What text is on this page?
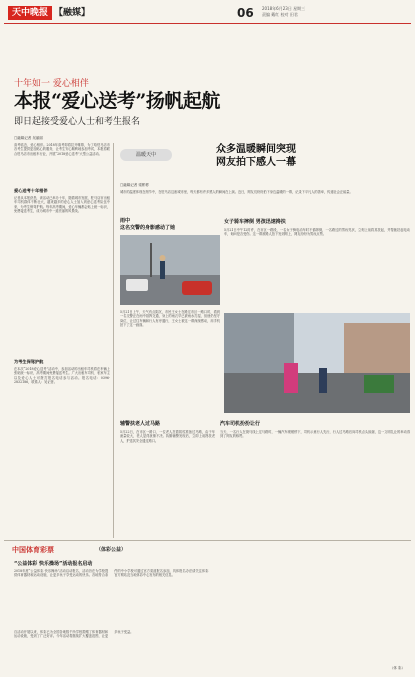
天中晚报 【融媒】	06 2018年6月23日 星期三
责编 戴红 校对 田君
十年如一 爱心相伴
本报“爱心送考”扬帆起航
即日起接受爱心人士和考生报名
□融媒记者 吴丽丽
高考临近，爱心相伴。2018年高考即将拉开帷幕，为了给驻马店市各考生提供更加贴心的服务，让考生安心顺利地参加考试，本报将联合驻马店市出租车行业，开展“2018爱心送考”大型公益活动。
爱心送考十年相伴
记者从本报获悉，该活动已举办十年，随着城市发展，驻马店市出租车司机群体不断壮大，越来越多的爱心人士加入到爱心送考队伍中来，为考生保驾护航。每年高考期间，爱心车辆都会贴上统一标识，免费接送考生，成为城市中一道亮丽的风景线。
为考生保驾护航
在本次“2018爱心送考”活动中，参加活动的出租车司机将在车辆上张贴统一标识，高考期间免费接送考生。广大出租车司机、私家车主以及爱心人士可拨打报名电话参与活动。报名电话：0396-2832186，联系人：吴记者。
温暖天中	众多温暖瞬间突现
网友拍下感人一幕
□融媒记者 梁彬彬
城市的温度体现在细节中，在驻马店这座城市里，每天都有许多感人的瞬间在上演。近日，网友们纷纷拍下身边温暖的一幕，记录下平凡人的善举，传递社会正能量。
雨中
这名交警的身影感动了她
5月21日上午，天气有点阴沉，市民王女士在路过市区一路口时，看到一名交警正在雨中指挥交通，身上的雨衣早已被雨水打湿，但他仍坚守岗位，让过往车辆和行人有序通行，王女士被这一幕深深感动，用手机拍下了这一画面。
女子骑车摔倒 男孩迅速搀扶
5月21日中午12时许，在市区一路段，一名女子骑电动车时不慎摔倒，一名路过的男孩见状，立刻上前将其扶起，并帮她扶起电动车，询问是否受伤。这一幕被路人拍下发到网上，网友纷纷为男孩点赞。
辅警扶老人过马路
5月22日，在市区一路口，一位老人拄着拐杖准备过马路，由于车流量较大，老人显得犹豫不决。执勤辅警发现后，立即上前搀扶老人，护送其安全通过路口。
汽车司机扮扮让行
当天，一名行人在斑马线上过马路时，一辆汽车缓缓停下，司机示意行人先行，行人过马路后向司机点头致谢，这一文明礼让的举动得到了网友的称赞。
中国体育彩票	（体彩公益）
“公益体彩 快乐操场”活动报名启动
2018年度“公益体彩 快乐操场”活动启动报名，活动旨在为学校提供体育器材和运动设施，让更多孩子享受运动的快乐。各地符合条件的中小学校可通过官方渠道报名参加，具体报名办法请关注体彩官方网站及当地体彩中心发布的相关信息。
自活动开展以来，体彩已为全国各地数千所学校捐赠了体育器材和运动设施，受到了广泛好评。今年活动将继续扩大覆盖范围，让更多孩子受益。
（体 彩）
